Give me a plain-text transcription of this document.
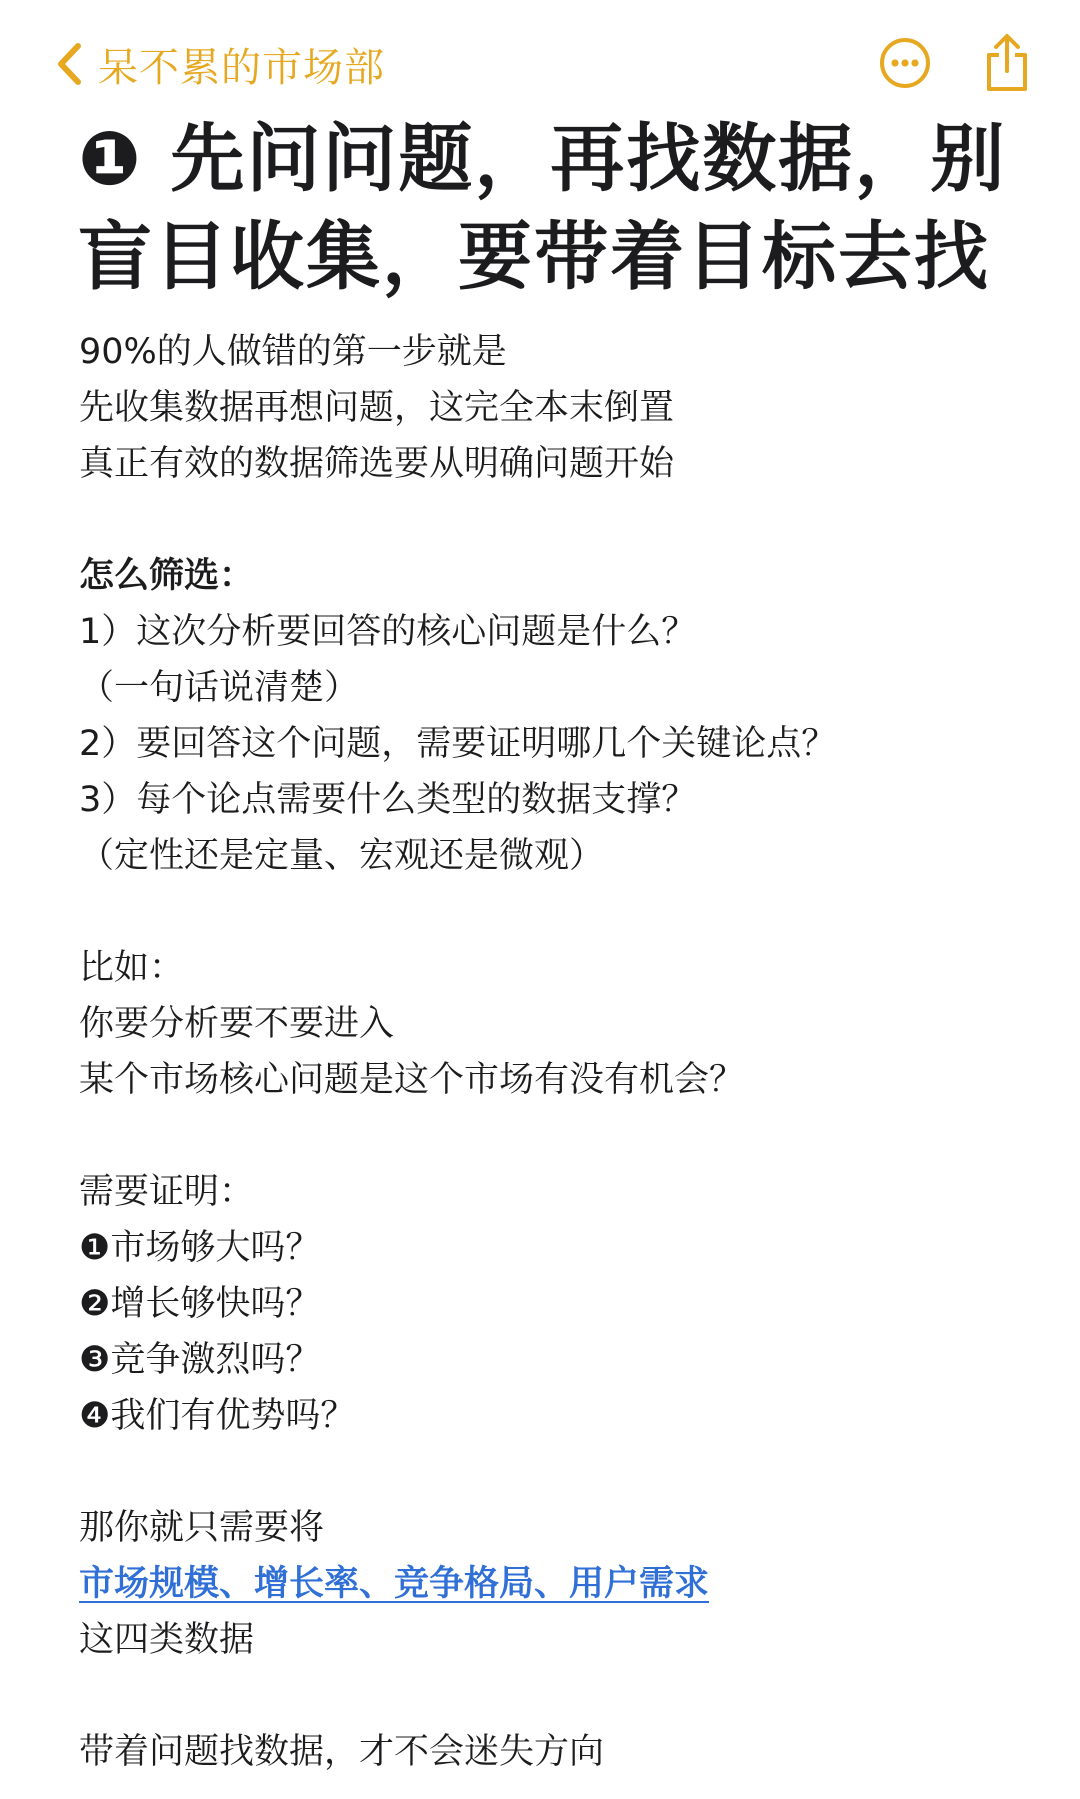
呆不累的市场部
❶ 先问问题，再找数据，别
盲目收集，要带着目标去找
90%的人做错的第一步就是
先收集数据再想问题，这完全本末倒置
真正有效的数据筛选要从明确问题开始
怎么筛选：
1）这次分析要回答的核心问题是什么？
（一句话说清楚）
2）要回答这个问题，需要证明哪几个关键论点？
3）每个论点需要什么类型的数据支撑？
（定性还是定量、宏观还是微观）
比如：
你要分析要不要进入
某个市场核心问题是这个市场有没有机会？
需要证明：
❶市场够大吗？
❷增长够快吗？
❸竞争激烈吗？
❹我们有优势吗？
那你就只需要将
市场规模、增长率、竞争格局、用户需求
这四类数据
带着问题找数据，才不会迷失方向
